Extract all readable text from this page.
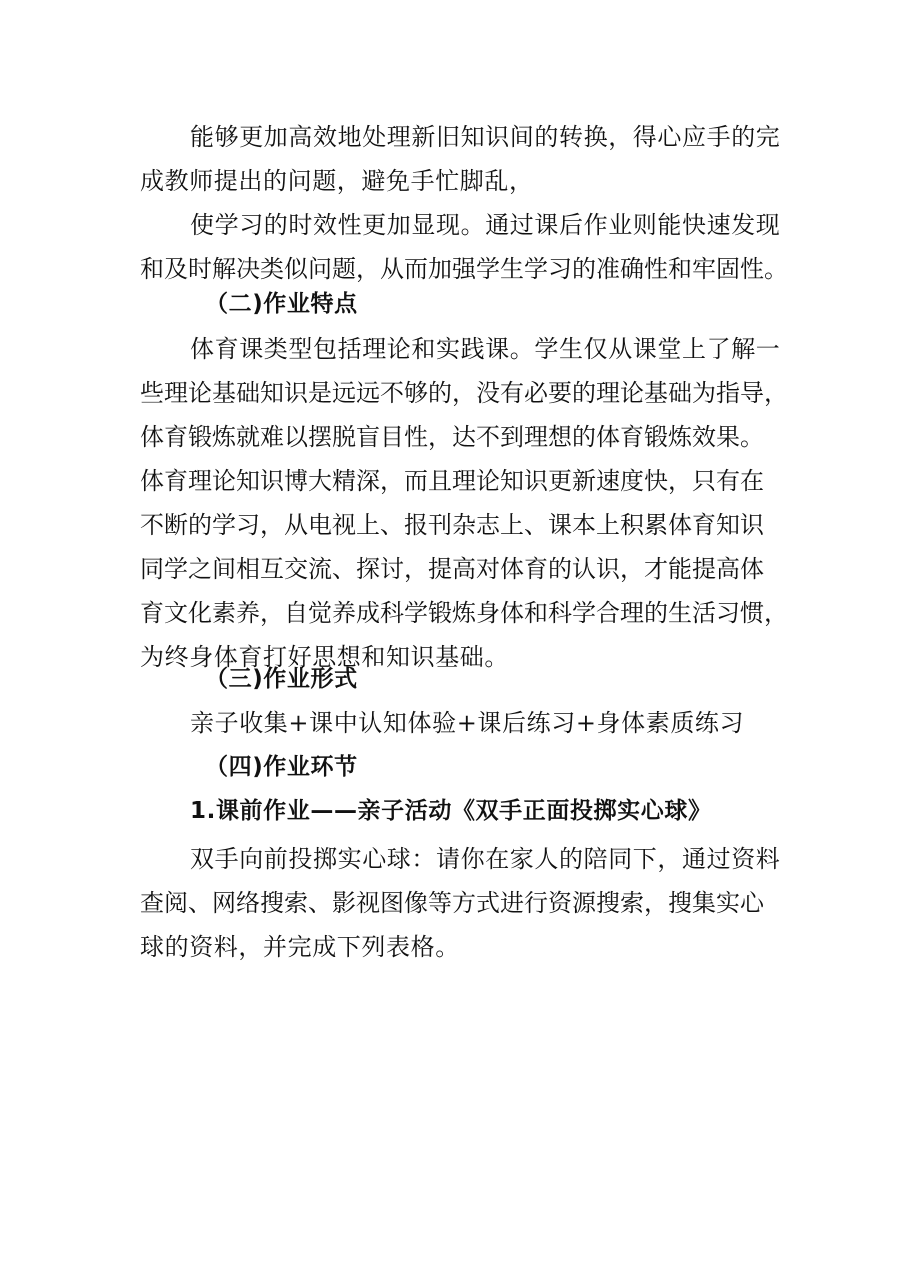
能够更加高效地处理新旧知识间的转换，得心应手的完
成教师提出的问题，避免手忙脚乱，
使学习的时效性更加显现。通过课后作业则能快速发现
和及时解决类似问题，从而加强学生学习的准确性和牢固性。
（二)作业特点
体育课类型包括理论和实践课。学生仅从课堂上了解一
些理论基础知识是远远不够的，没有必要的理论基础为指导，
体育锻炼就难以摆脱盲目性，达不到理想的体育锻炼效果。
体育理论知识博大精深，而且理论知识更新速度快，只有在
不断的学习，从电视上、报刊杂志上、课本上积累体育知识
同学之间相互交流、探讨，提高对体育的认识，才能提高体
育文化素养，自觉养成科学锻炼身体和科学合理的生活习惯，
为终身体育打好思想和知识基础。
（三)作业形式
亲子收集+课中认知体验+课后练习+身体素质练习
（四)作业环节
1.课前作业——亲子活动《双手正面投掷实心球》
双手向前投掷实心球：请你在家人的陪同下，通过资料
查阅、网络搜索、影视图像等方式进行资源搜索，搜集实心
球的资料，并完成下列表格。
